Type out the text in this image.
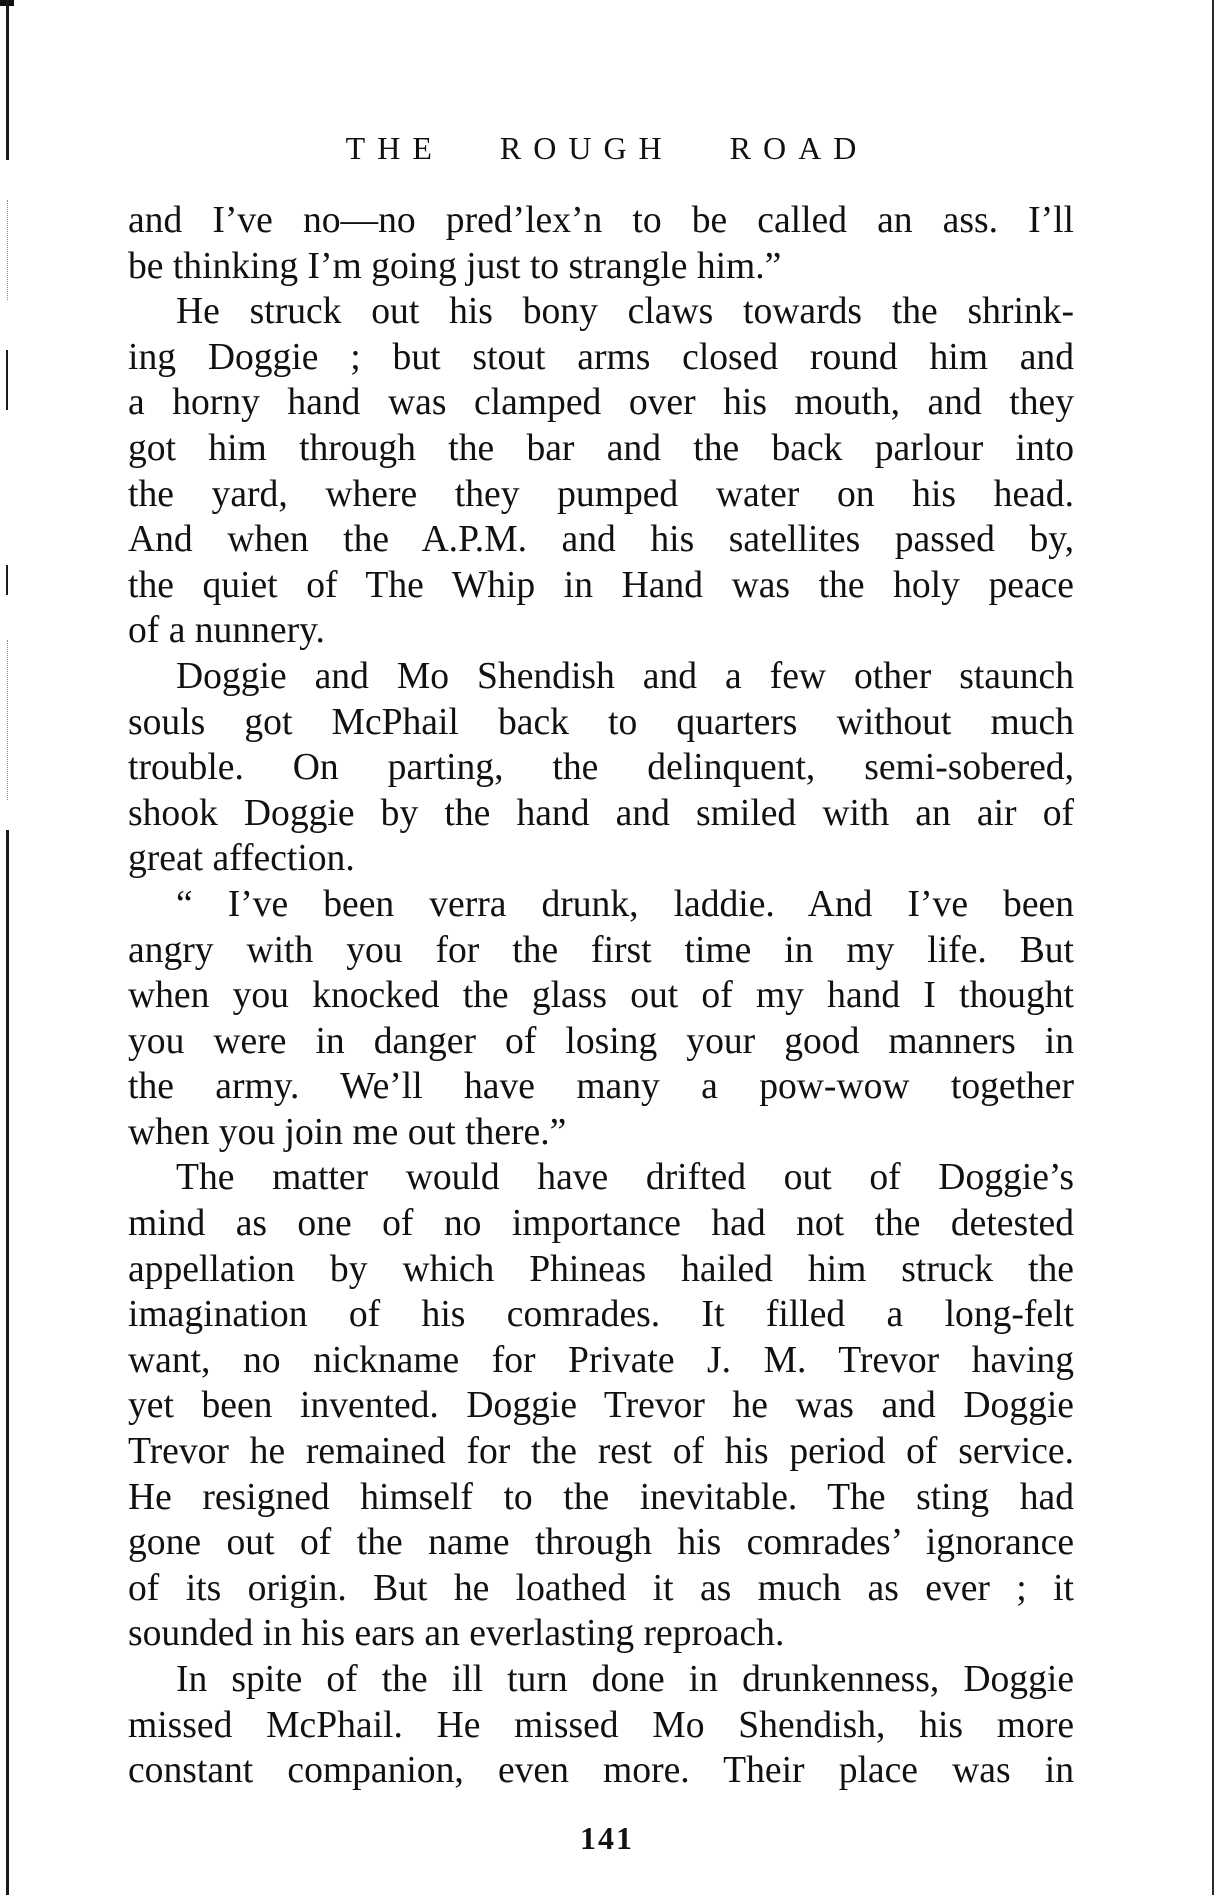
THE ROUGH ROAD
and I’ve no—no pred’lex’n to be called an ass. I’ll
be thinking I’m going just to strangle him.”
He struck out his bony claws towards the shrink-
ing Doggie ; but stout arms closed round him and
a horny hand was clamped over his mouth, and they
got him through the bar and the back parlour into
the yard, where they pumped water on his head.
And when the A.P.M. and his satellites passed by,
the quiet of The Whip in Hand was the holy peace
of a nunnery.
Doggie and Mo Shendish and a few other staunch
souls got McPhail back to quarters without much
trouble. On parting, the delinquent, semi-sobered,
shook Doggie by the hand and smiled with an air of
great affection.
“ I’ve been verra drunk, laddie. And I’ve been
angry with you for the first time in my life. But
when you knocked the glass out of my hand I thought
you were in danger of losing your good manners in
the army. We’ll have many a pow-wow together
when you join me out there.”
The matter would have drifted out of Doggie’s
mind as one of no importance had not the detested
appellation by which Phineas hailed him struck the
imagination of his comrades. It filled a long-felt
want, no nickname for Private J. M. Trevor having
yet been invented. Doggie Trevor he was and Doggie
Trevor he remained for the rest of his period of service.
He resigned himself to the inevitable. The sting had
gone out of the name through his comrades’ ignorance
of its origin. But he loathed it as much as ever ; it
sounded in his ears an everlasting reproach.
In spite of the ill turn done in drunkenness, Doggie
missed McPhail. He missed Mo Shendish, his more
constant companion, even more. Their place was in
141
